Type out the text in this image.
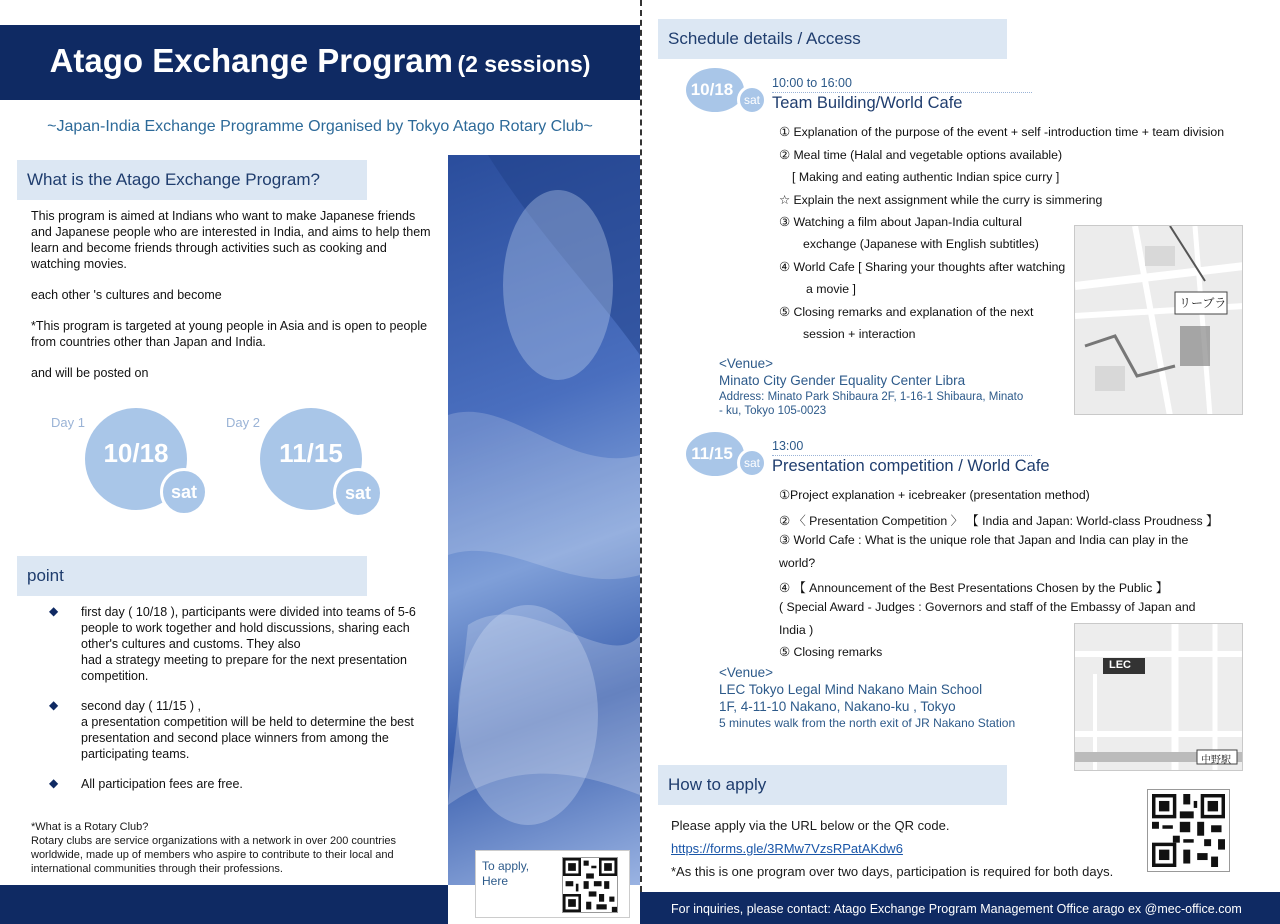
Atago Exchange Program (2 sessions)
~Japan-India Exchange Programme Organised by Tokyo Atago Rotary Club~
What is the Atago Exchange Program?
This program is aimed at Indians who want to make Japanese friends and Japanese people who are interested in India, and aims to help them learn and become friends through activities such as cooking and watching movies.
each other 's cultures and become
*This program is targeted at young people in Asia and is open to people from countries other than Japan and India.
and will be posted on
Day 1
10/18
sat
Day 2
11/15
sat
point
◆ first day ( 10/18 ), participants were divided into teams of 5-6 people to work together and hold discussions, sharing each other's cultures and customs. They also
had a strategy meeting to prepare for the next presentation competition.
◆ second day ( 11/15 ) ,
a presentation competition will be held to determine the best presentation and second place winners from among the participating teams.
◆ All participation fees are free.
*What is a Rotary Club?
Rotary clubs are service organizations with a network in over 200 countries worldwide, made up of members who aspire to contribute to their local and international communities through their professions.	To apply,
Here
For inquiries, please contact: Atago Exchange Program Management Office arago ex @mec-office.com
Schedule details / Access
10/18
sat
10:00 to 16:00
Team Building/World Cafe
① Explanation of the purpose of the event + self -introduction time + team division
② Meal time (Halal and vegetable options available)
[ Making and eating authentic Indian spice curry ]
☆ Explain the next assignment while the curry is simmering
③ Watching a film about Japan-India cultural
exchange (Japanese with English subtitles)
④ World Cafe [ Sharing your thoughts after watching
a movie ]
⑤ Closing remarks and explanation of the next
session + interaction
リーブラ
<Venue>
Minato City Gender Equality Center Libra
Address: Minato Park Shibaura 2F, 1-16-1 Shibaura, Minato
- ku, Tokyo 105-0023
11/15 sat
13:00
Presentation competition / World Cafe
①Project explanation + icebreaker (presentation method)
② 〈 Presentation Competition 〉 【 India and Japan: World-class Proudness 】
③ World Cafe : What is the unique role that Japan and India can play in the
world?
④ 【 Announcement of the Best Presentations Chosen by the Public 】
( Special Award - Judges : Governors and staff of the Embassy of Japan and
India )
⑤ Closing remarks
LEC
中野駅
<Venue>
LEC Tokyo Legal Mind Nakano Main School
1F, 4-11-10 Nakano, Nakano-ku , Tokyo
5 minutes walk from the north exit of JR Nakano Station
How to apply
Please apply via the URL below or the QR code.
https://forms.gle/3RMw7VzsRPatAKdw6
*As this is one program over two days, participation is required for both days.
